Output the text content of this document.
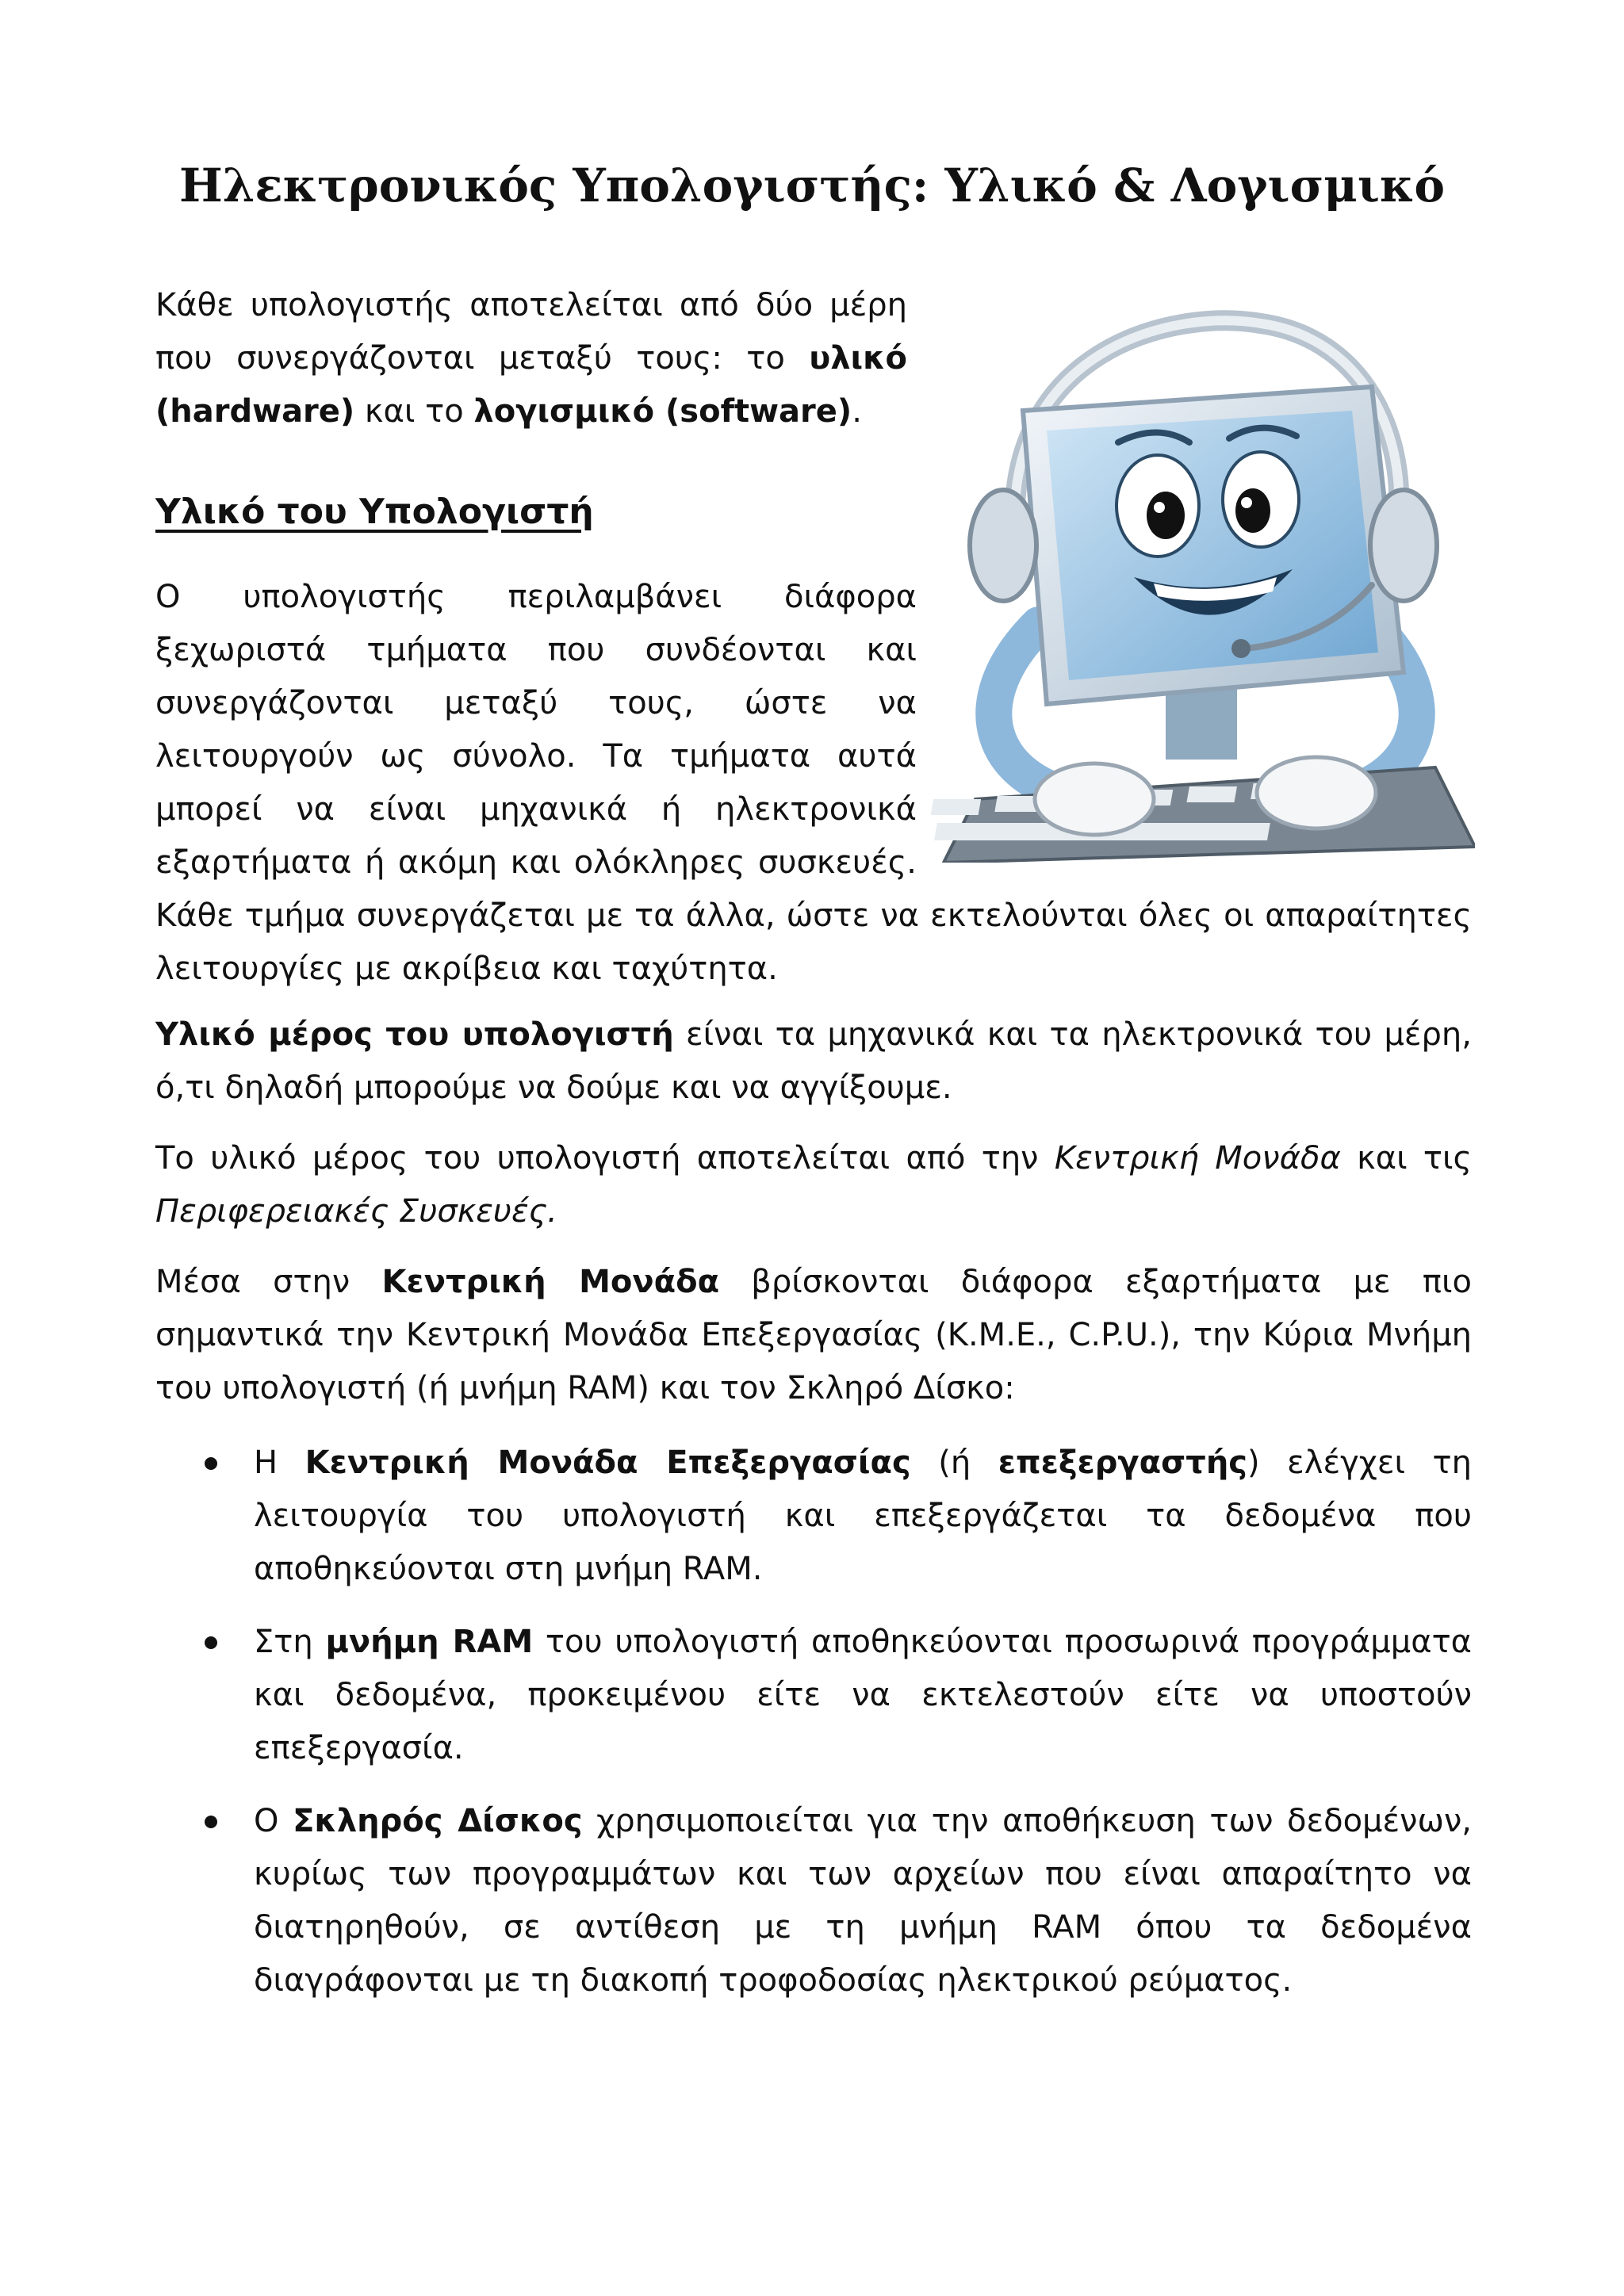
Ηλεκτρονικός Υπολογιστής: Υλικό & Λογισμικό

Κάθε υπολογιστής αποτελείται από δύο μέρη που συνεργάζονται μεταξύ τους: το υλικό (hardware) και το λογισμικό (software).

Υλικό του Υπολογιστή

Ο υπολογιστής περιλαμβάνει διάφορα ξεχωριστά τμήματα που συνδέονται και συνεργάζονται μεταξύ τους, ώστε να λειτουργούν ως σύνολο. Τα τμήματα αυτά μπορεί να είναι μηχανικά ή ηλεκτρονικά εξαρτήματα ή ακόμη και ολόκληρες συσκευές. Κάθε τμήμα συνεργάζεται με τα άλλα, ώστε να εκτελούνται όλες οι απαραίτητες λειτουργίες με ακρίβεια και ταχύτητα.

Υλικό μέρος του υπολογιστή είναι τα μηχανικά και τα ηλεκτρονικά του μέρη, ό,τι δηλαδή μπορούμε να δούμε και να αγγίξουμε.

Το υλικό μέρος του υπολογιστή αποτελείται από την Κεντρική Μονάδα και τις Περιφερειακές Συσκευές.

Μέσα στην Κεντρική Μονάδα βρίσκονται διάφορα εξαρτήματα με πιο σημαντικά την Κεντρική Μονάδα Επεξεργασίας (Κ.Μ.Ε., C.P.U.), την Κύρια Μνήμη του υπολογιστή (ή μνήμη RAM) και τον Σκληρό Δίσκο:

Η Κεντρική Μονάδα Επεξεργασίας (ή επεξεργαστής) ελέγχει τη λειτουργία του υπολογιστή και επεξεργάζεται τα δεδομένα που αποθηκεύονται στη μνήμη RAM.
Στη μνήμη RAM του υπολογιστή αποθηκεύονται προσωρινά προγράμματα και δεδομένα, προκειμένου είτε να εκτελεστούν είτε να υποστούν επεξεργασία.
Ο Σκληρός Δίσκος χρησιμοποιείται για την αποθήκευση των δεδομένων, κυρίως των προγραμμάτων και των αρχείων που είναι απαραίτητο να διατηρηθούν, σε αντίθεση με τη μνήμη RAM όπου τα δεδομένα διαγράφονται με τη διακοπή τροφοδοσίας ηλεκτρικού ρεύματος.
